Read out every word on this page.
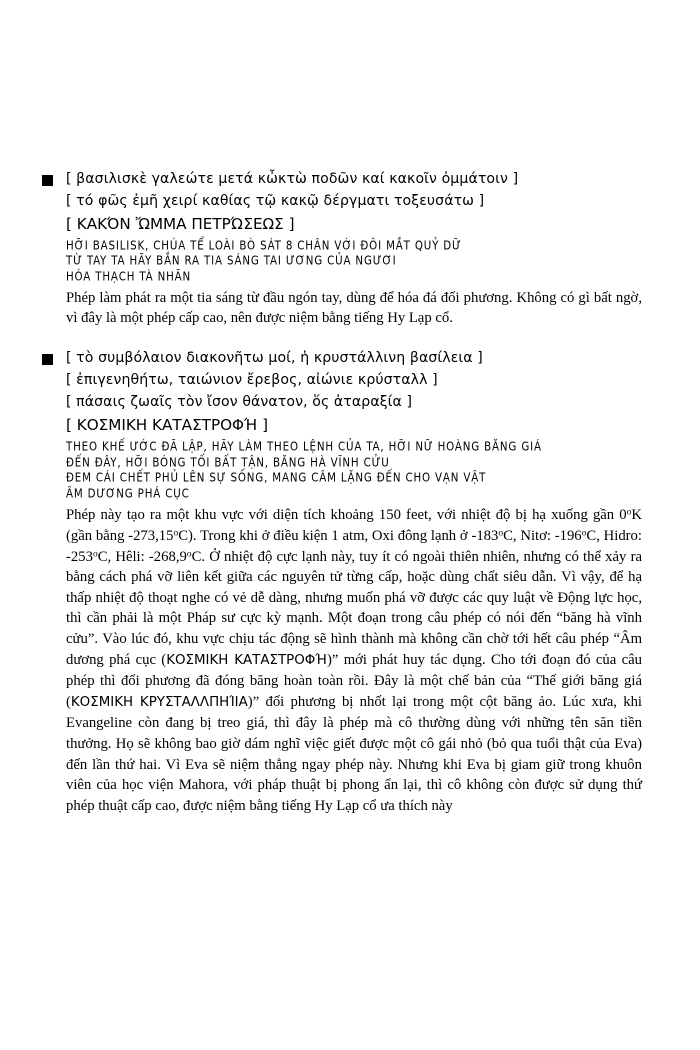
[ βασιλισκὲ γαλεώτε μετά κὦκτὼ ποδῶν καί κακοῖν ὀμμάτοιν ]
[ τό φῶς ἐμῆ χειρί καθίας τῷ κακῷ δέργματι τοξευσάτω ]
[ ΚΑΚΌΝ ὬΜΜΑ ΠΕΤΡΏΣΕΩΣ ]
HỠI BASILISK, CHÚA TỂ LOÀI BÒ SÁT 8 CHÂN VỚI ĐÔI MẮT QUỶ DỮ
TỪ TAY TA HÃY BẮN RA TIA SÁNG TAI ƯƠNG CỦA NGƯƠI
HÓA THẠCH TÀ NHÃN

Phép làm phát ra một tia sáng từ đầu ngón tay, dùng để hóa đá đối phương. Không có gì bất ngờ, vì đây là một phép cấp cao, nên được niệm bằng tiếng Hy Lạp cổ.

[ τὸ συμβόλαιον διακονῆτω μοί, ἡ κρυστάλλινη βασίλεια ]
[ ἐπιγενηθήτω, ταιώνιον ἔρεβος, αἰώνιε κρύσταλλ ]
[ πάσαις ζωαῖς τὸν ἴσον θάνατον, ὅς ἀταραξία ]
[ ΚΟΣΜΙΚΗ ΚΑΤΑΣΤΡΟΦΉ ]
THEO KHẾ ƯỚC ĐÃ LẬP, HÃY LÀM THEO LỆNH CỦA TA, HỠI NỮ HOÀNG BĂNG GIÁ
ĐẾN ĐÂY, HỠI BÓNG TỐI BẤT TẬN, BĂNG HÀ VĨNH CỬU
ĐEM CÁI CHẾT PHỦ LÊN SỰ SỐNG, MANG CÂM LẶNG ĐẾN CHO VẠN VẬT
ÂM DƯƠNG PHÁ CỤC

Phép này tạo ra một khu vực với diện tích khoảng 150 feet, với nhiệt độ bị hạ xuống gần 0$^o$K (gần bằng -273,15$^o$C). Trong khi ở điều kiện 1 atm, Oxi đông lạnh ở -183$^o$C, Nitơ: -196$^o$C, Hidro: -253$^o$C, Hêli: -268,9$^o$C. Ở nhiệt độ cực lạnh này, tuy ít có ngoài thiên nhiên, nhưng có thể xảy ra bằng cách phá vỡ liên kết giữa các nguyên tử từng cấp, hoặc dùng chất siêu dẫn. Vì vậy, để hạ thấp nhiệt độ thoạt nghe có vẻ dễ dàng, nhưng muốn phá vỡ được các quy luật về Động lực học, thì cần phải là một Pháp sư cực kỳ mạnh. Một đoạn trong câu phép có nói đến “băng hà vĩnh cửu”. Vào lúc đó, khu vực chịu tác động sẽ hình thành mà không cần chờ tới hết câu phép “Âm dương phá cục (ΚΟΣΜΙΚΗ ΚΑΤΑΣΤΡΟΦΉ)” mới phát huy tác dụng. Cho tới đoạn đó của câu phép thì đối phương đã đóng băng hoàn toàn rồi. Đây là một chế bản của “Thế giới băng giá (ΚΟΣΜΙΚΗ ΚΡΥΣΤΑΛΛΠΗΊΙΑ)” đối phương bị nhốt lại trong một cột băng ảo. Lúc xưa, khi Evangeline còn đang bị treo giá, thì đây là phép mà cô thường dùng với những tên săn tiền thưởng. Họ sẽ không bao giờ dám nghĩ việc giết được một cô gái nhỏ (bỏ qua tuổi thật của Eva) đến lần thứ hai. Vì Eva sẽ niệm thẳng ngay phép này. Nhưng khi Eva bị giam giữ trong khuôn viên của học viện Mahora, với pháp thuật bị phong ấn lại, thì cô không còn được sử dụng thứ phép thuật cấp cao, được niệm bằng tiếng Hy Lạp cổ ưa thích này
